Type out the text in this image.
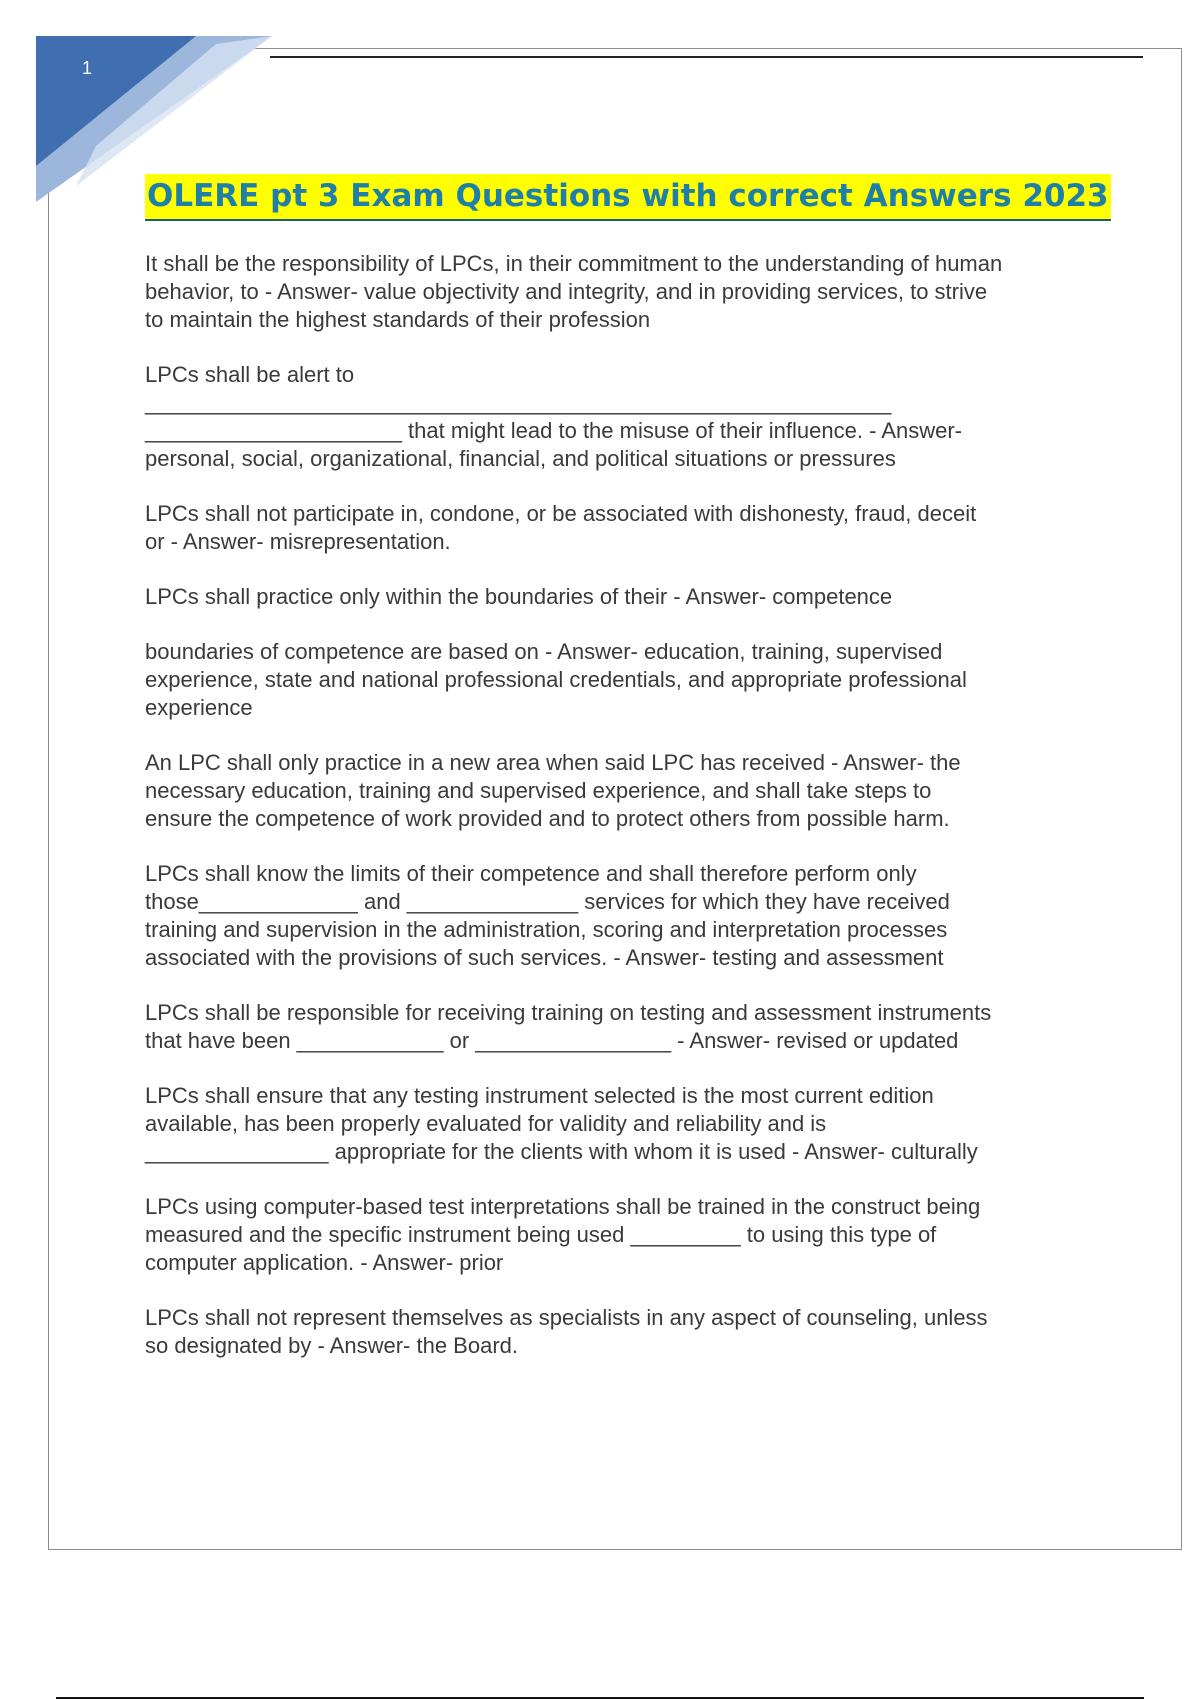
1
OLERE pt 3 Exam Questions with correct Answers 2023
It shall be the responsibility of LPCs, in their commitment to the understanding of human
behavior, to - Answer- value objectivity and integrity, and in providing services, to strive
to maintain the highest standards of their profession
LPCs shall be alert to
_____________________________________________________________
_____________________ that might lead to the misuse of their influence. - Answer-
personal, social, organizational, financial, and political situations or pressures
LPCs shall not participate in, condone, or be associated with dishonesty, fraud, deceit
or - Answer- misrepresentation.
LPCs shall practice only within the boundaries of their - Answer- competence
boundaries of competence are based on - Answer- education, training, supervised
experience, state and national professional credentials, and appropriate professional
experience
An LPC shall only practice in a new area when said LPC has received - Answer- the
necessary education, training and supervised experience, and shall take steps to
ensure the competence of work provided and to protect others from possible harm.
LPCs shall know the limits of their competence and shall therefore perform only
those_____________ and ______________ services for which they have received
training and supervision in the administration, scoring and interpretation processes
associated with the provisions of such services. - Answer- testing and assessment
LPCs shall be responsible for receiving training on testing and assessment instruments
that have been ____________ or ________________ - Answer- revised or updated
LPCs shall ensure that any testing instrument selected is the most current edition
available, has been properly evaluated for validity and reliability and is
_______________ appropriate for the clients with whom it is used - Answer- culturally
LPCs using computer-based test interpretations shall be trained in the construct being
measured and the specific instrument being used _________ to using this type of
computer application. - Answer- prior
LPCs shall not represent themselves as specialists in any aspect of counseling, unless
so designated by - Answer- the Board.
